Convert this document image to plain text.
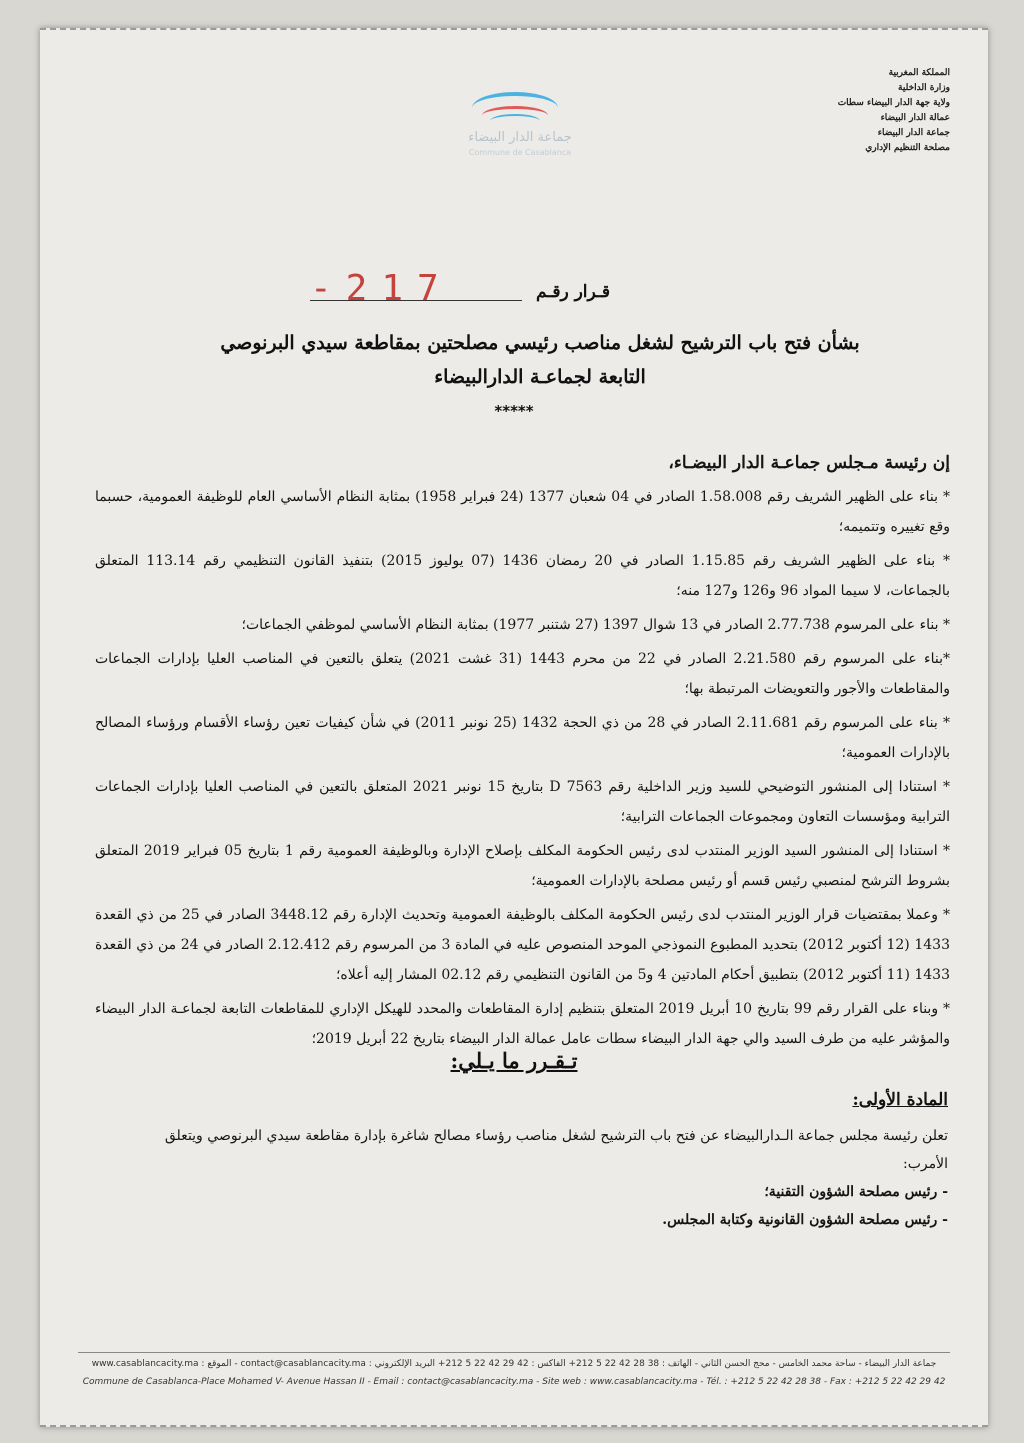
المملكة المغربية
وزارة الداخلية
ولاية جهة الدار البيضاء سطات
عمالة الدار البيضاء
جماعة الدار البيضاء
مصلحة التنظيم الإداري
جماعة الدار البيضاء
Commune de Casablanca
قـرار رقـم
-217
بشأن فتح باب الترشيح لشغل مناصب رئيسي مصلحتين بمقاطعة سيدي البرنوصي
التابعة لجماعـة الدارالبيضاء
*****

إن رئيسة مـجلس جماعـة الدار البيضـاء،

* بناء على الظهير الشريف رقم 1.58.008 الصادر في 04 شعبان 1377 (24 فبراير 1958) بمثابة النظام الأساسي العام للوظيفة العمومية، حسبما وقع تغييره وتتميمه؛

* بناء على الظهير الشريف رقم 1.15.85 الصادر في 20 رمضان 1436 (07 يوليوز 2015) بتنفيذ القانون التنظيمي رقم 113.14 المتعلق بالجماعات، لا سيما المواد 96 و126 و127 منه؛

* بناء على المرسوم 2.77.738 الصادر في 13 شوال 1397 (27 شتنبر 1977) بمثابة النظام الأساسي لموظفي الجماعات؛

*بناء على المرسوم رقم 2.21.580 الصادر في 22 من محرم 1443 (31 غشت 2021) يتعلق بالتعين في المناصب العليا بإدارات الجماعات والمقاطعات والأجور والتعويضات المرتبطة بها؛

* بناء على المرسوم رقم 2.11.681 الصادر في 28 من ذي الحجة 1432 (25 نونبر 2011) في شأن كيفيات تعين رؤساء الأقسام ورؤساء المصالح بالإدارات العمومية؛

* استنادا إلى المنشور التوضيحي للسيد وزير الداخلية رقم 7563 D بتاريخ 15 نونبر 2021 المتعلق بالتعين في المناصب العليا بإدارات الجماعات الترابية ومؤسسات التعاون ومجموعات الجماعات الترابية؛

* استنادا إلى المنشور السيد الوزير المنتدب لدى رئيس الحكومة المكلف بإصلاح الإدارة وبالوظيفة العمومية رقم 1 بتاريخ 05 فبراير 2019 المتعلق بشروط الترشح لمنصبي رئيس قسم أو رئيس مصلحة بالإدارات العمومية؛

* وعملا بمقتضيات قرار الوزير المنتدب لدى رئيس الحكومة المكلف بالوظيفة العمومية وتحديث الإدارة رقم 3448.12 الصادر في 25 من ذي القعدة 1433 (12 أكتوبر 2012) بتحديد المطبوع النموذجي الموحد المنصوص عليه في المادة 3 من المرسوم رقم 2.12.412 الصادر في 24 من ذي القعدة 1433 (11 أكتوبر 2012) بتطبيق أحكام المادتين 4 و5 من القانون التنظيمي رقم 02.12 المشار إليه أعلاه؛

* وبناء على القرار رقم 99 بتاريخ 10 أبريل 2019 المتعلق بتنظيم إدارة المقاطعات والمحدد للهيكل الإداري للمقاطعات التابعة لجماعـة الدار البيضاء والمؤشر عليه من طرف السيد والي جهة الدار البيضاء سطات عامل عمالة الدار البيضاء بتاريخ 22 أبريل 2019؛

تـقـرر ما يـلي:
المادة الأولى:

تعلن رئيسة مجلس جماعة الـدارالبيضاء عن فتح باب الترشيح لشغل مناصب رؤساء مصالح شاغرة بإدارة مقاطعة سيدي البرنوصي ويتعلق الأمرب:

- رئيس مصلحة الشؤون التقنية؛

- رئيس مصلحة الشؤون القانونية وكتابة المجلس.

جماعة الدار البيضاء - ساحة محمد الخامس - محج الحسن الثاني - الهاتف : 38 28 42 22 5 212+ الفاكس : 42 29 42 22 5 212+ البريد الإلكتروني : contact@casablancacity.ma - الموقع : www.casablancacity.ma
Commune de Casablanca-Place Mohamed V- Avenue Hassan II - Email : contact@casablancacity.ma - Site web : www.casablancacity.ma - Tél. : +212 5 22 42 28 38 - Fax : +212 5 22 42 29 42
